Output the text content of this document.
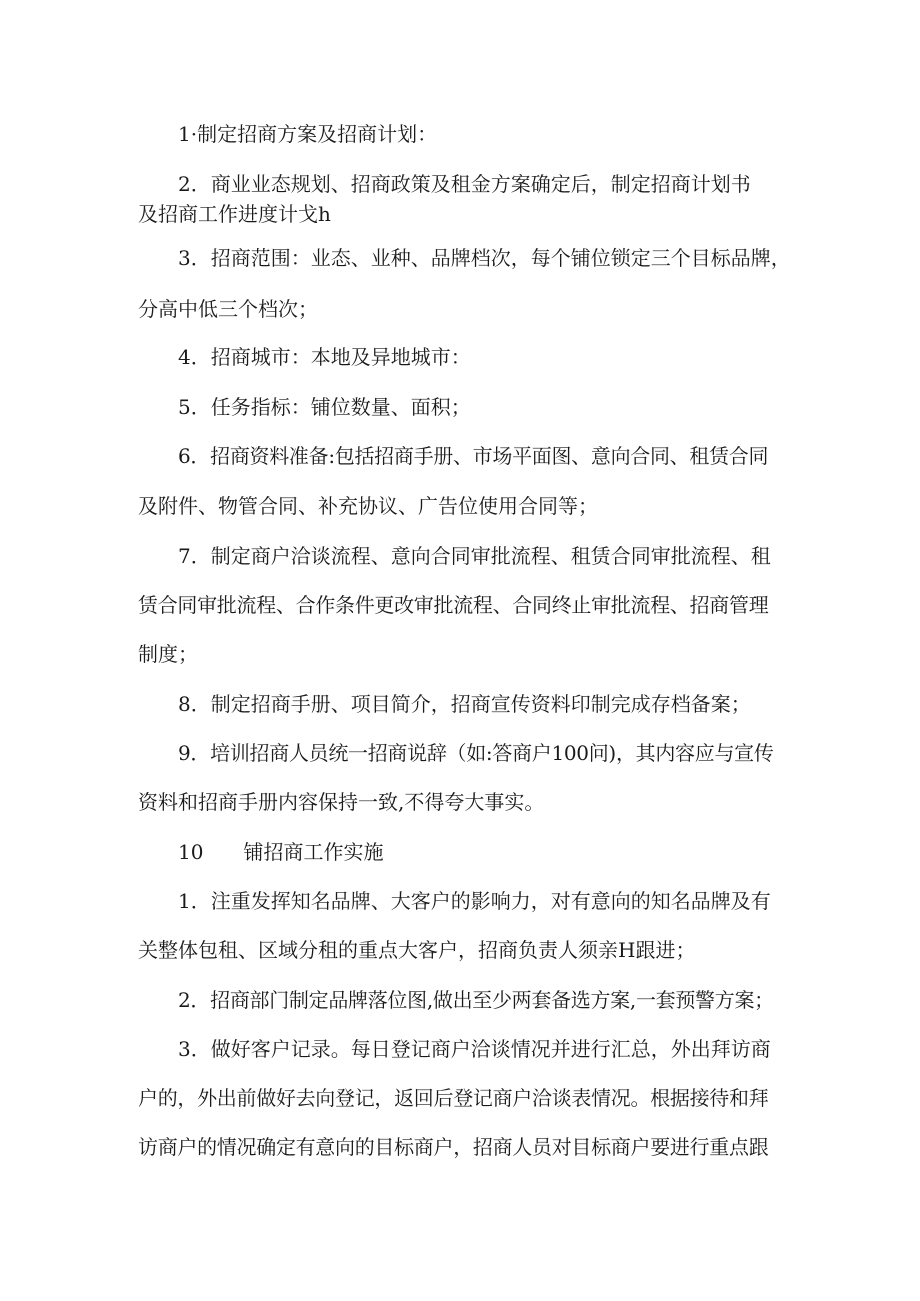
1·制定招商方案及招商计划：
2．商业业态规划、招商政策及租金方案确定后，制定招商计划书
及招商工作进度计戈h
3．招商范围：业态、业种、品牌档次，每个铺位锁定三个目标品牌，
分高中低三个档次；
4．招商城市：本地及异地城市：
5．任务指标：铺位数量、面积；
6．招商资料准备:包括招商手册、市场平面图、意向合同、租赁合同
及附件、物管合同、补充协议、广告位使用合同等；
7．制定商户洽谈流程、意向合同审批流程、租赁合同审批流程、租
赁合同审批流程、合作条件更改审批流程、合同终止审批流程、招商管理
制度；
8．制定招商手册、项目简介，招商宣传资料印制完成存档备案；
9．培训招商人员统一招商说辞（如:答商户100问)，其内容应与宣传
资料和招商手册内容保持一致,不得夸大事实。
10　　铺招商工作实施
1．注重发挥知名品牌、大客户的影响力，对有意向的知名品牌及有
关整体包租、区域分租的重点大客户，招商负责人须亲H跟进；
2．招商部门制定品牌落位图,做出至少两套备选方案,一套预警方案；
3．做好客户记录。每日登记商户洽谈情况并进行汇总，外出拜访商
户的，外出前做好去向登记，返回后登记商户洽谈表情况。根据接待和拜
访商户的情况确定有意向的目标商户，招商人员对目标商户要进行重点跟
